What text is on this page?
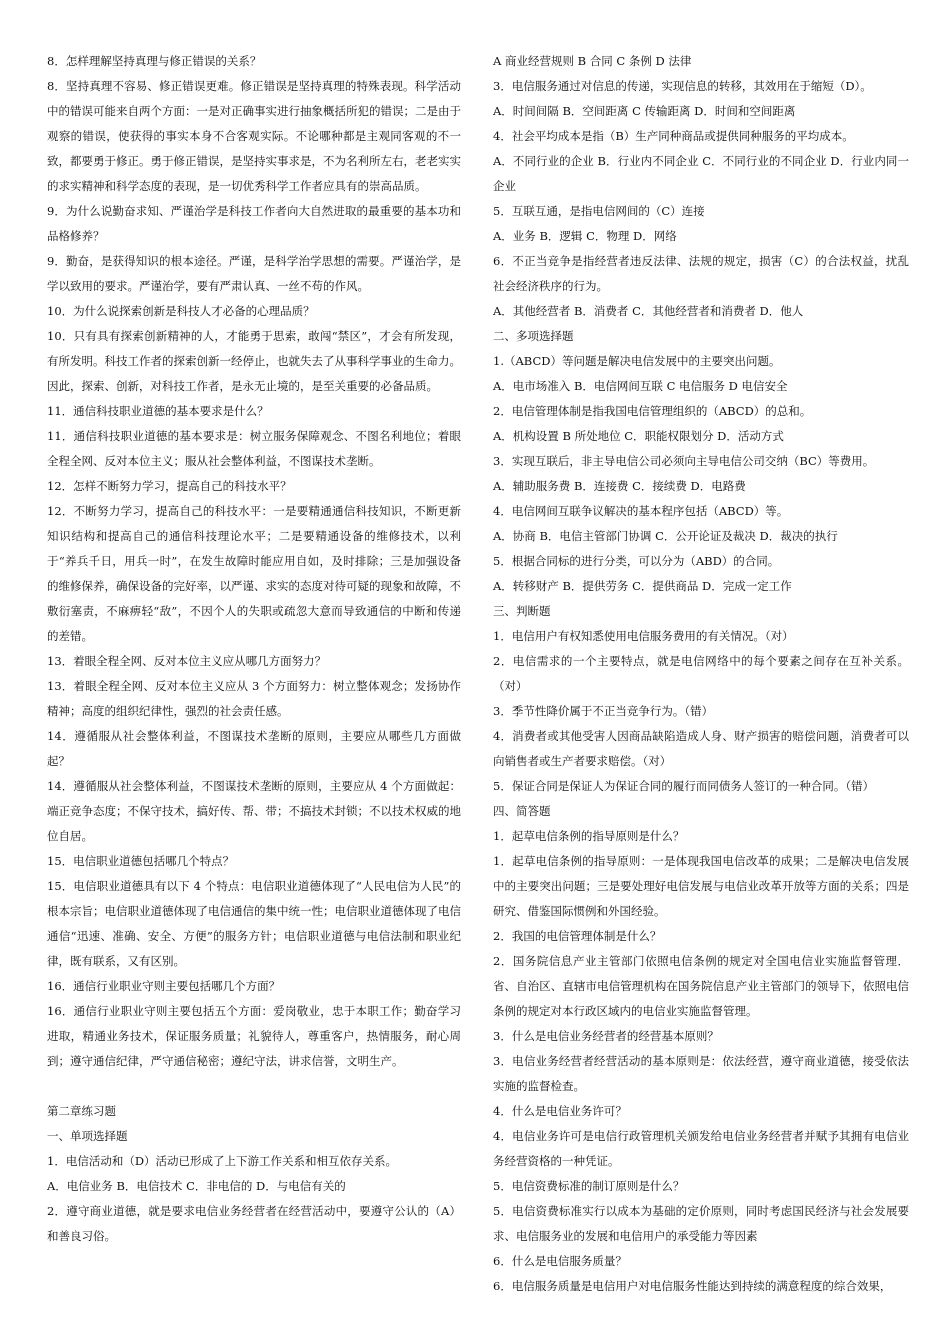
8．怎样理解坚持真理与修正错误的关系？
8．坚持真理不容易、修正错误更难。修正错误是坚持真理的特殊表现。科学活动中的错误可能来自两个方面：一是对正确事实进行抽象概括所犯的错误；二是由于观察的错误，使获得的事实本身不合客观实际。不论哪种都是主观同客观的不一致，都要勇于修正。勇于修正错误，是坚持实事求是，不为名利所左右，老老实实的求实精神和科学态度的表现，是一切优秀科学工作者应具有的崇高品质。
9．为什么说勤奋求知、严谨治学是科技工作者向大自然进取的最重要的基本功和品格修养？
9．勤奋，是获得知识的根本途径。严谨，是科学治学思想的需要。严谨治学，是学以致用的要求。严谨治学，要有严肃认真、一丝不苟的作风。
10．为什么说探索创新是科技人才必备的心理品质？
10．只有具有探索创新精神的人，才能勇于思索，敢闯“禁区”，才会有所发现，有所发明。科技工作者的探索创新一经停止，也就失去了从事科学事业的生命力。因此，探索、创新，对科技工作者，是永无止境的，是至关重要的必备品质。
11．通信科技职业道德的基本要求是什么？
11．通信科技职业道德的基本要求是：树立服务保障观念、不图名利地位；着眼全程全网、反对本位主义；服从社会整体利益，不图谋技术垄断。
12．怎样不断努力学习，提高自己的科技水平？
12．不断努力学习，提高自己的科技水平：一是要精通通信科技知识，不断更新知识结构和提高自己的通信科技理论水平；二是要精通设备的维修技术，以利于“养兵千日，用兵一时”，在发生故障时能应用自如，及时排除；三是加强设备的维修保养，确保设备的完好率，以严谨、求实的态度对待可疑的现象和故障，不敷衍塞责，不麻痹轻“敌”，不因个人的失职或疏忽大意而导致通信的中断和传递的差错。
13．着眼全程全网、反对本位主义应从哪几方面努力？
13．着眼全程全网、反对本位主义应从 3 个方面努力：树立整体观念；发扬协作精神；高度的组织纪律性，强烈的社会责任感。
14．遵循服从社会整体利益，不图谋技术垄断的原则，主要应从哪些几方面做起？
14．遵循服从社会整体利益，不图谋技术垄断的原则，主要应从 4 个方面做起：端正竞争态度；不保守技术，搞好传、帮、带；不搞技术封锁；不以技术权威的地位自居。
15．电信职业道德包括哪几个特点？
15．电信职业道德具有以下 4 个特点：电信职业道德体现了“人民电信为人民”的根本宗旨；电信职业道德体现了电信通信的集中统一性；电信职业道德体现了电信通信“迅速、准确、安全、方便”的服务方针；电信职业道德与电信法制和职业纪律，既有联系，又有区别。
16．通信行业职业守则主要包括哪几个方面？
16．通信行业职业守则主要包括五个方面：爱岗敬业，忠于本职工作；勤奋学习进取，精通业务技术，保证服务质量；礼貌待人，尊重客户，热情服务，耐心周到；遵守通信纪律，严守通信秘密；遵纪守法，讲求信誉，文明生产。
第二章练习题
一、单项选择题
1．电信活动和（D）活动已形成了上下游工作关系和相互依存关系。
A．电信业务 B．电信技术 C．非电信的 D．与电信有关的
2．遵守商业道德，就是要求电信业务经营者在经营活动中，要遵守公认的（A）和善良习俗。
A 商业经营规则 B 合同 C 条例 D 法律
3．电信服务通过对信息的传递，实现信息的转移，其效用在于缩短（D）。
A．时间间隔 B．空间距离 C 传输距离 D．时间和空间距离
4．社会平均成本是指（B）生产同种商品或提供同种服务的平均成本。
A．不同行业的企业 B．行业内不同企业 C．不同行业的不同企业 D．行业内同一企业
5．互联互通，是指电信网间的（C）连接
A．业务 B．逻辑 C．物理 D．网络
6．不正当竞争是指经营者违反法律、法规的规定，损害（C）的合法权益，扰乱社会经济秩序的行为。
A．其他经营者 B．消费者 C．其他经营者和消费者 D．他人
二、多项选择题
1.（ABCD）等问题是解决电信发展中的主要突出问题。
A．电市场准入 B．电信网间互联 C 电信服务 D 电信安全
2．电信管理体制是指我国电信管理组织的（ABCD）的总和。
A．机构设置 B 所处地位 C．职能权限划分 D．活动方式
3．实现互联后，非主导电信公司必须向主导电信公司交纳（BC）等费用。
A．辅助服务费 B．连接费 C．接续费 D．电路费
4．电信网间互联争议解决的基本程序包括（ABCD）等。
A．协商 B．电信主管部门协调 C．公开论证及裁决 D．裁决的执行
5．根据合同标的进行分类，可以分为（ABD）的合同。
A．转移财产 B．提供劳务 C．提供商品 D．完成一定工作
三、判断题
1．电信用户有权知悉使用电信服务费用的有关情况。（对）
2．电信需求的一个主要特点，就是电信网络中的每个要素之间存在互补关系。（对）
3．季节性降价属于不正当竞争行为。（错）
4．消费者或其他受害人因商品缺陷造成人身、财产损害的赔偿问题，消费者可以向销售者或生产者要求赔偿。（对）
5．保证合同是保证人为保证合同的履行而同债务人签订的一种合同。（错）
四、简答题
1．起草电信条例的指导原则是什么？
1．起草电信条例的指导原则：一是体现我国电信改革的成果；二是解决电信发展中的主要突出问题；三是要处理好电信发展与电信业改革开放等方面的关系；四是研究、借鉴国际惯例和外国经验。
2．我国的电信管理体制是什么？
2．国务院信息产业主管部门依照电信条例的规定对全国电信业实施监督管理．省、自治区、直辖市电信管理机构在国务院信息产业主管部门的领导下，依照电信条例的规定对本行政区域内的电信业实施监督管理。
3．什么是电信业务经营者的经营基本原则？
3．电信业务经营者经营活动的基本原则是：依法经营，遵守商业道德，接受依法实施的监督检查。
4．什么是电信业务许可？
4．电信业务许可是电信行政管理机关颁发给电信业务经营者并赋予其拥有电信业务经营资格的一种凭证。
5．电信资费标准的制订原则是什么？
5．电信资费标准实行以成本为基础的定价原则，同时考虑国民经济与社会发展要求、电信服务业的发展和电信用户的承受能力等因素
6．什么是电信服务质量？
6．电信服务质量是电信用户对电信服务性能达到持续的满意程度的综合效果，
